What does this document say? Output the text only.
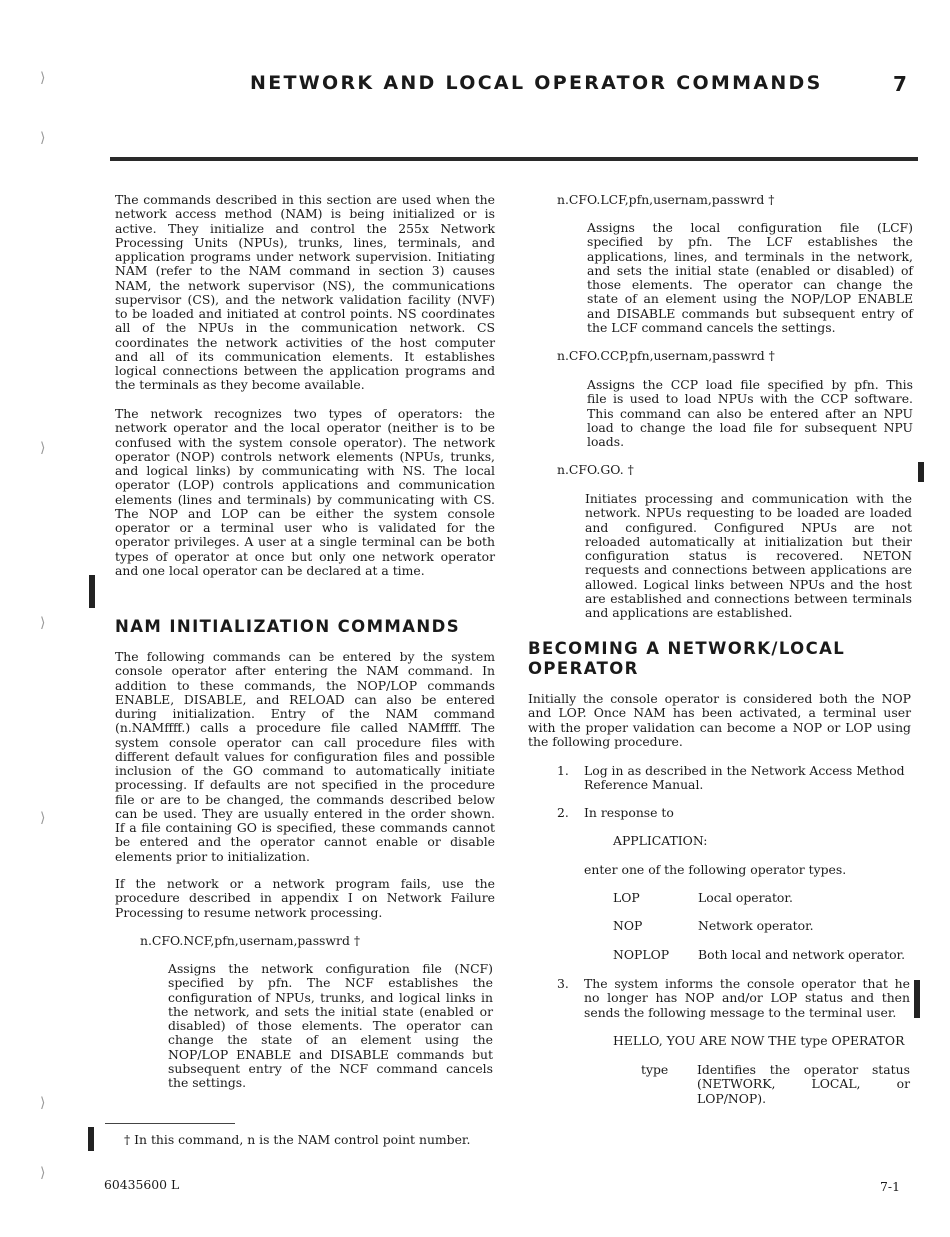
NETWORK AND LOCAL OPERATOR COMMANDS	7
⟩
⟩
⟩
⟩
⟩
⟩
⟩
The commands described in this section are used when the
network access method (NAM) is being initialized or is
active. They initialize and control the 255x Network
Processing Units (NPUs), trunks, lines, terminals, and
application programs under network supervision. Initiating
NAM (refer to the NAM command in section 3) causes
NAM, the network supervisor (NS), the communications
supervisor (CS), and the network validation facility (NVF)
to be loaded and initiated at control points. NS coordinates
all of the NPUs in the communication network. CS
coordinates the network activities of the host computer
and all of its communication elements. It establishes
logical connections between the application programs and
the terminals as they become available.
The network recognizes two types of operators: the
network operator and the local operator (neither is to be
confused with the system console operator). The network
operator (NOP) controls network elements (NPUs, trunks,
and logical links) by communicating with NS. The local
operator (LOP) controls applications and communication
elements (lines and terminals) by communicating with CS.
The NOP and LOP can be either the system console
operator or a terminal user who is validated for the
operator privileges. A user at a single terminal can be both
types of operator at once but only one network operator
and one local operator can be declared at a time.
NAM INITIALIZATION COMMANDS
The following commands can be entered by the system
console operator after entering the NAM command. In
addition to these commands, the NOP/LOP commands
ENABLE, DISABLE, and RELOAD can also be entered
during initialization. Entry of the NAM command
(n.NAMffff.) calls a procedure file called NAMffff. The
system console operator can call procedure files with
different default values for configuration files and possible
inclusion of the GO command to automatically initiate
processing. If defaults are not specified in the procedure
file or are to be changed, the commands described below
can be used. They are usually entered in the order shown.
If a file containing GO is specified, these commands cannot
be entered and the operator cannot enable or disable
elements prior to initialization.
If the network or a network program fails, use the
procedure described in appendix I on Network Failure
Processing to resume network processing.
n.CFO.NCF,pfn,usernam,passwrd †
Assigns the network configuration file (NCF)
specified by pfn. The NCF establishes the
configuration of NPUs, trunks, and logical links in
the network, and sets the initial state (enabled or
disabled) of those elements. The operator can
change the state of an element using the
NOP/LOP ENABLE and DISABLE commands but
subsequent entry of the NCF command cancels
the settings.
† In this command, n is the NAM control point number.
n.CFO.LCF,pfn,usernam,passwrd †
Assigns the local configuration file (LCF)
specified by pfn. The LCF establishes the
applications, lines, and terminals in the network,
and sets the initial state (enabled or disabled) of
those elements. The operator can change the
state of an element using the NOP/LOP ENABLE
and DISABLE commands but subsequent entry of
the LCF command cancels the settings.
n.CFO.CCP,pfn,usernam,passwrd †
Assigns the CCP load file specified by pfn. This
file is used to load NPUs with the CCP software.
This command can also be entered after an NPU
load to change the load file for subsequent NPU
loads.
n.CFO.GO. †
Initiates processing and communication with the
network. NPUs requesting to be loaded are loaded
and configured. Configured NPUs are not
reloaded automatically at initialization but their
configuration status is recovered. NETON
requests and connections between applications are
allowed. Logical links between NPUs and the host
are established and connections between terminals
and applications are established.
BECOMING A NETWORK/LOCAL
OPERATOR
Initially the console operator is considered both the NOP
and LOP. Once NAM has been activated, a terminal user
with the proper validation can become a NOP or LOP using
the following procedure.
1. Log in as described in the Network Access Method
Reference Manual.
2. In response to
APPLICATION:
enter one of the following operator types.
LOP	Local operator.
NOP	Network operator.
NOPLOP Both local and network operator.
3. The system informs the console operator that he
no longer has NOP and/or LOP status and then
sends the following message to the terminal user.
HELLO, YOU ARE NOW THE type OPERATOR
type Identifies the operator status
(NETWORK, LOCAL, or
LOP/NOP).
60435600 L	7-1
